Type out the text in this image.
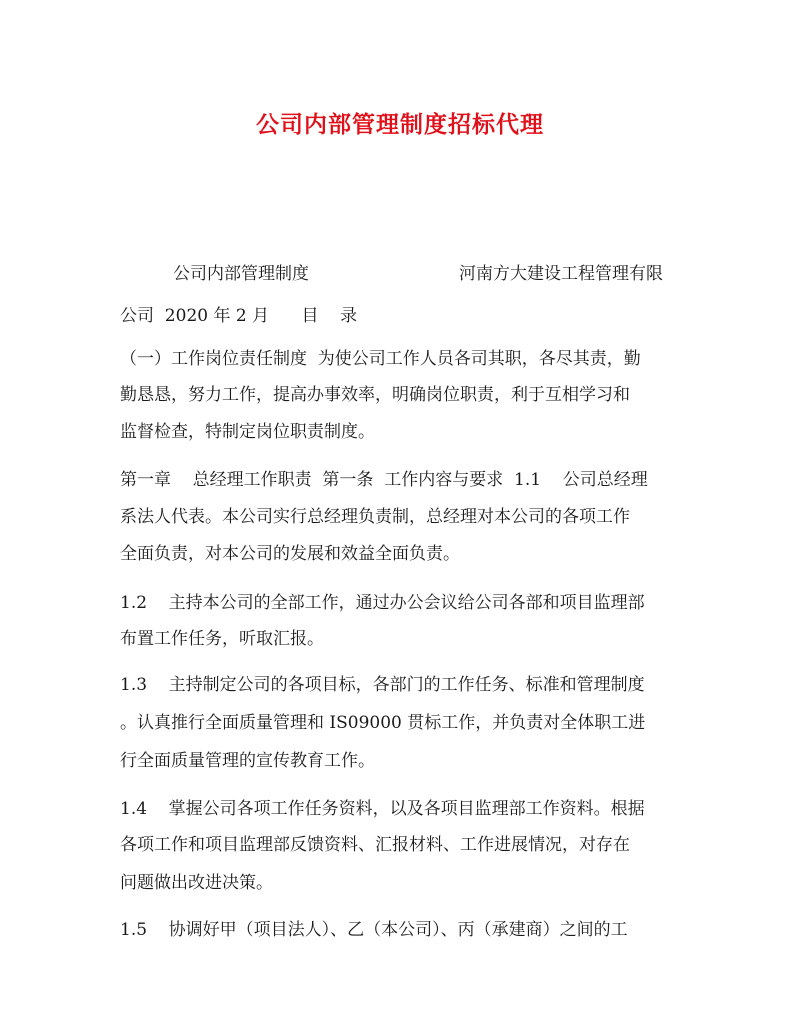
公司内部管理制度招标代理
公司内部管理制度	河南方大建设工程管理有限
公司  2020 年 2 月      目    录
（一）工作岗位责任制度  为使公司工作人员各司其职，各尽其责，勤
勤恳恳，努力工作，提高办事效率，明确岗位职责，利于互相学习和
监督检查，特制定岗位职责制度。
第一章    总经理工作职责  第一条  工作内容与要求  1.1    公司总经理
系法人代表。本公司实行总经理负责制，总经理对本公司的各项工作
全面负责，对本公司的发展和效益全面负责。
1.2    主持本公司的全部工作，通过办公会议给公司各部和项目监理部
布置工作任务，听取汇报。
1.3    主持制定公司的各项目标，各部门的工作任务、标准和管理制度
。认真推行全面质量管理和 IS09000 贯标工作，并负责对全体职工进
行全面质量管理的宣传教育工作。
1.4    掌握公司各项工作任务资料，以及各项目监理部工作资料。根据
各项工作和项目监理部反馈资料、汇报材料、工作进展情况，对存在
问题做出改进决策。
1.5    协调好甲（项目法人）、乙（本公司）、丙（承建商）之间的工
